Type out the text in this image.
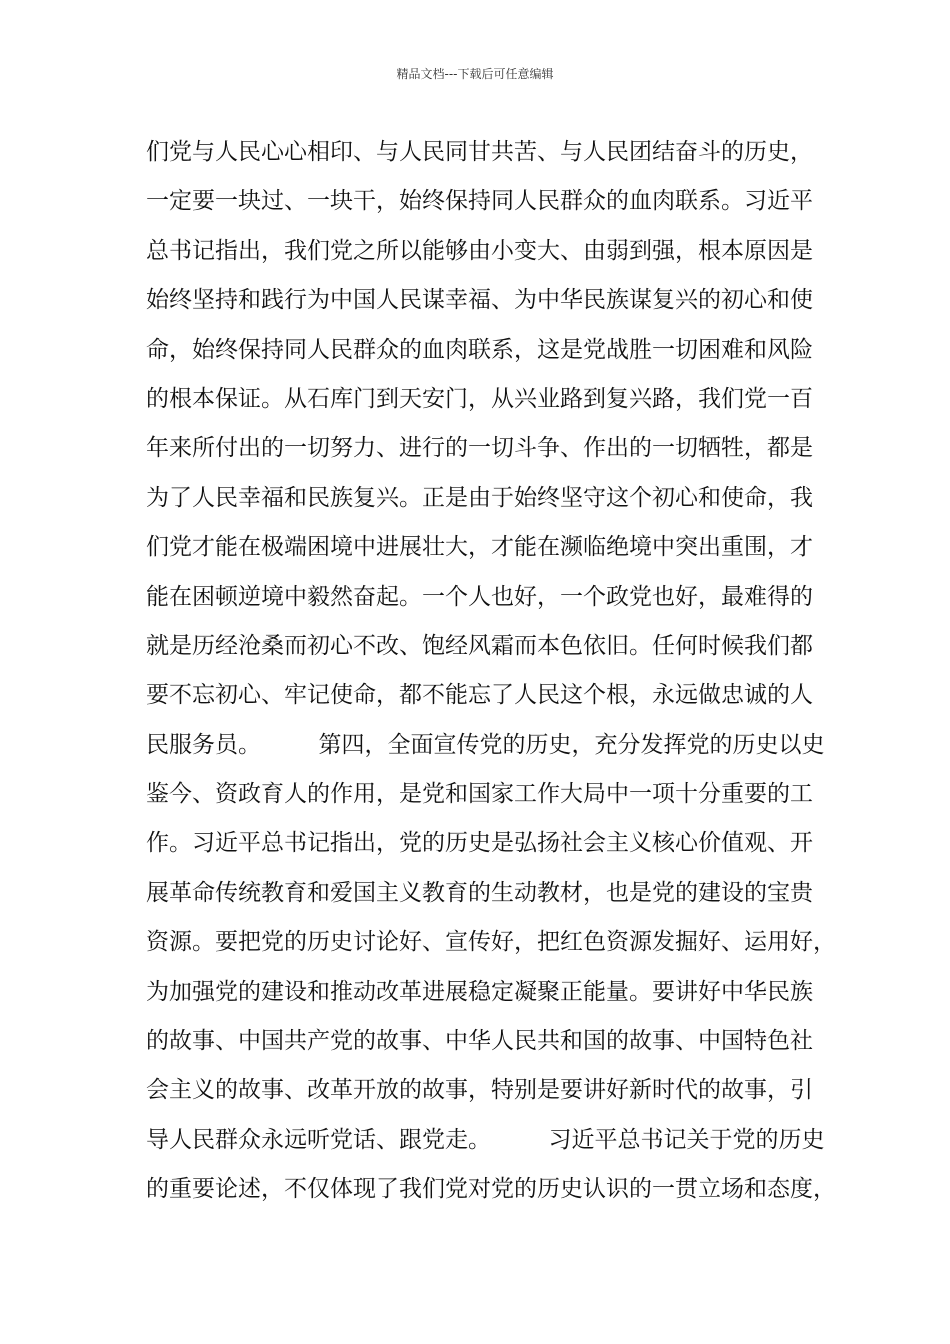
精品文档---下载后可任意编辑
们党与人民心心相印、与人民同甘共苦、与人民团结奋斗的历史，
一定要一块过、一块干，始终保持同人民群众的血肉联系。习近平
总书记指出，我们党之所以能够由小变大、由弱到强，根本原因是
始终坚持和践行为中国人民谋幸福、为中华民族谋复兴的初心和使
命，始终保持同人民群众的血肉联系，这是党战胜一切困难和风险
的根本保证。从石库门到天安门，从兴业路到复兴路，我们党一百
年来所付出的一切努力、进行的一切斗争、作出的一切牺牲，都是
为了人民幸福和民族复兴。正是由于始终坚守这个初心和使命，我
们党才能在极端困境中进展壮大，才能在濒临绝境中突出重围，才
能在困顿逆境中毅然奋起。一个人也好，一个政党也好，最难得的
就是历经沧桑而初心不改、饱经风霜而本色依旧。任何时候我们都
要不忘初心、牢记使命，都不能忘了人民这个根，永远做忠诚的人
民服务员。　　　第四，全面宣传党的历史，充分发挥党的历史以史
鉴今、资政育人的作用，是党和国家工作大局中一项十分重要的工
作。习近平总书记指出，党的历史是弘扬社会主义核心价值观、开
展革命传统教育和爱国主义教育的生动教材，也是党的建设的宝贵
资源。要把党的历史讨论好、宣传好，把红色资源发掘好、运用好，
为加强党的建设和推动改革进展稳定凝聚正能量。要讲好中华民族
的故事、中国共产党的故事、中华人民共和国的故事、中国特色社
会主义的故事、改革开放的故事，特别是要讲好新时代的故事，引
导人民群众永远听党话、跟党走。　　　习近平总书记关于党的历史
的重要论述，不仅体现了我们党对党的历史认识的一贯立场和态度，
